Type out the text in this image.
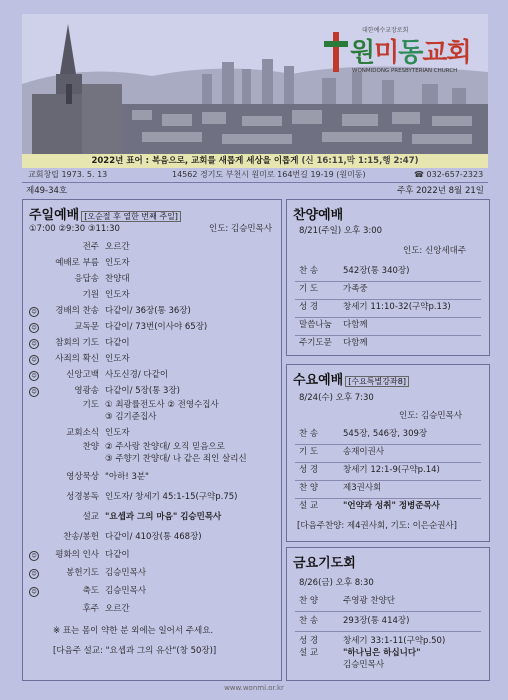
대한예수교장로회
원미동교회
WONMIDONG PRESBYTERIAN CHURCH
2022년 표어 : 복음으로, 교회를 새롭게 세상을 이롭게 (신 16:11,막 1:15,행 2:47)
교회창립 1973. 5. 13	14562 경기도 부천시 원미로 164번길 19-19 (원미동)	☎ 032-657-2323
제49-34호	주후 2022년 8월 21일
주일예배 [오순절 후 열한 번째 주일]
①7:00 ②9:30 ③11:30	인도: 김승민목사
전주 오르간
예배로 부름 인도자
응답송 찬양대
기원 인도자
☺ 경배의 찬송 다같이/ 36장(통 36장)
☺	교독문 다같이/ 73번(이사야 65장)
☺ 참회의 기도 다같이
☺ 사죄의 확신 인도자
☺	신앙고백 사도신경/ 다같이
☺	영광송 다같이/ 5장(통 3장)
기도 ① 최광률전도사 ② 전영수집사
③ 김기준집사
교회소식 인도자
찬양 ② 주사랑 찬양대/ 오직 믿음으로
③ 주향기 찬양대/ 나 같은 죄인 살리신
영상묵상 "아하! 3분"
성경봉독 인도자/ 창세기 45:1-15(구약p.75)
설교 "요셉과 그의 마음" 김승민목사
찬송/봉헌 다같이/ 410장(통 468장)
☺ 평화의 인사 다같이
☺	봉헌기도 김승민목사
☺	축도 김승민목사
후주 오르간
※ 표는 몸이 약한 분 외에는 일어서 주세요.
[다음주 설교: "요셉과 그의 유산"(창 50장)]
찬양예배
8/21(주일) 오후 3:00
인도: 신앙세대주
찬 송	542장(통 340장)
기 도	가족중
성 경	창세기 11:10-32(구약p.13)
말씀나눔 다함께
주기도문 다함께
수요예배 [수요특별강좌8]
8/24(수) 오후 7:30
인도: 김승민목사
찬 송	545장, 546장, 309장
기 도	송재이권사
성 경	창세기 12:1-9(구약p.14)
찬 양	제3권사회
설 교	"언약과 성취" 정병준목사
[다음주찬양: 제4권사회, 기도: 이은순권사]
금요기도회
8/26(금) 오후 8:30
찬 양	주영광 찬양단
찬 송	293장(통 414장)
성 경	창세기 33:1-11(구약p.50)
설 교	"하나님은 하십니다"
김승민목사
www.wonmi.or.kr
